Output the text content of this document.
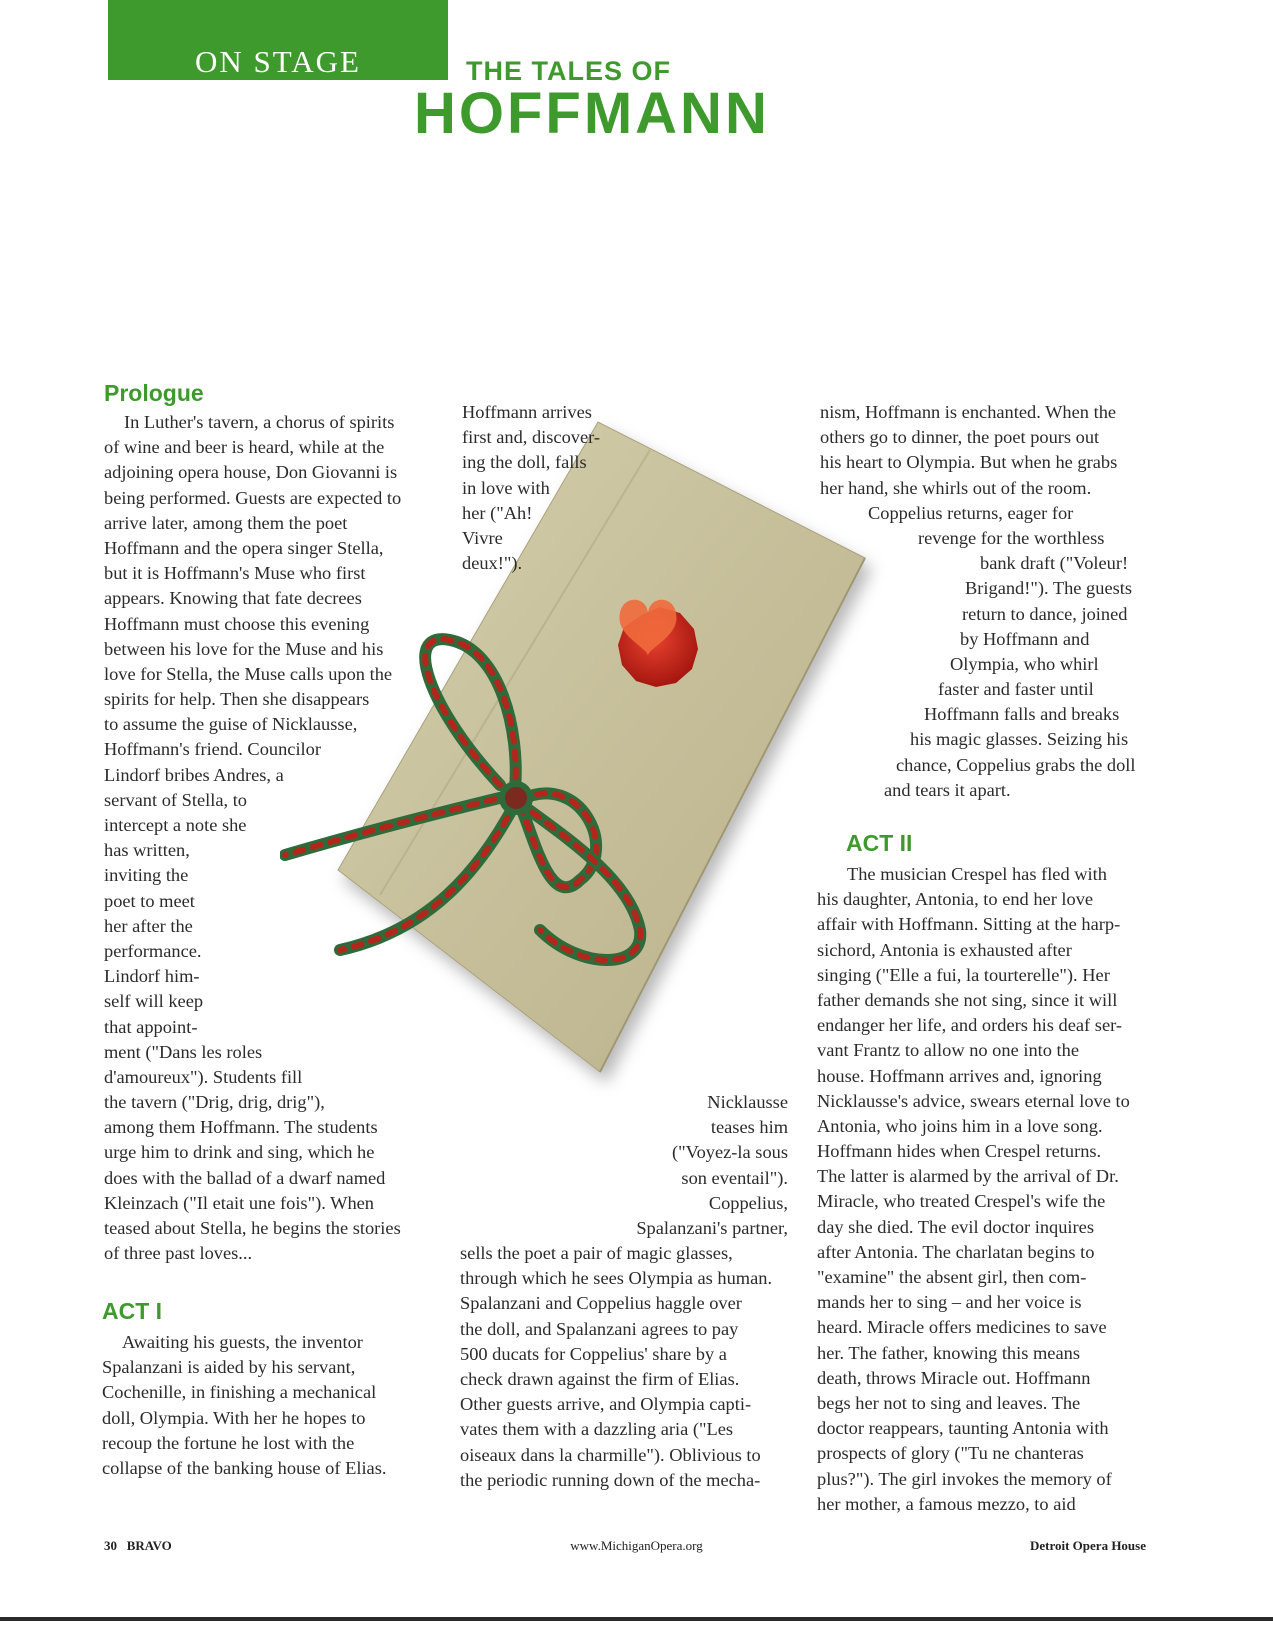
ON STAGE	THE TALES OF
HOFFMANN
Prologue
In Luther's tavern, a chorus of spirits
of wine and beer is heard, while at the
adjoining opera house, Don Giovanni is
being performed. Guests are expected to
arrive later, among them the poet
Hoffmann and the opera singer Stella,
but it is Hoffmann's Muse who first
appears. Knowing that fate decrees
Hoffmann must choose this evening
between his love for the Muse and his
love for Stella, the Muse calls upon the
spirits for help. Then she disappears
to assume the guise of Nicklausse,
Hoffmann's friend. Councilor
Lindorf bribes Andres, a
servant of Stella, to
intercept a note she
has written,
inviting the
poet to meet
her after the
performance.
Lindorf him-
self will keep
that appoint-
ment ("Dans les roles
d'amoureux"). Students fill
the tavern ("Drig, drig, drig"),
among them Hoffmann. The students
urge him to drink and sing, which he
does with the ballad of a dwarf named
Kleinzach ("Il etait une fois"). When
teased about Stella, he begins the stories
of three past loves...
ACT I
Awaiting his guests, the inventor
Spalanzani is aided by his servant,
Cochenille, in finishing a mechanical
doll, Olympia. With her he hopes to
recoup the fortune he lost with the
collapse of the banking house of Elias.
Hoffmann arrives
first and, discover-
ing the doll, falls
in love with
her ("Ah!
Vivre
deux!").
Nicklausse
teases him
("Voyez-la sous
son eventail").
Coppelius,
Spalanzani's partner,
sells the poet a pair of magic glasses,
through which he sees Olympia as human.
Spalanzani and Coppelius haggle over
the doll, and Spalanzani agrees to pay
500 ducats for Coppelius' share by a
check drawn against the firm of Elias.
Other guests arrive, and Olympia capti-
vates them with a dazzling aria ("Les
oiseaux dans la charmille"). Oblivious to
the periodic running down of the mecha-
nism, Hoffmann is enchanted. When the
others go to dinner, the poet pours out
his heart to Olympia. But when he grabs
her hand, she whirls out of the room.
Coppelius returns, eager for
revenge for the worthless
bank draft ("Voleur!
Brigand!"). The guests
return to dance, joined
by Hoffmann and
Olympia, who whirl
faster and faster until
Hoffmann falls and breaks
his magic glasses. Seizing his
chance, Coppelius grabs the doll
and tears it apart.
ACT II
The musician Crespel has fled with
his daughter, Antonia, to end her love
affair with Hoffmann. Sitting at the harp-
sichord, Antonia is exhausted after
singing ("Elle a fui, la tourterelle"). Her
father demands she not sing, since it will
endanger her life, and orders his deaf ser-
vant Frantz to allow no one into the
house. Hoffmann arrives and, ignoring
Nicklausse's advice, swears eternal love to
Antonia, who joins him in a love song.
Hoffmann hides when Crespel returns.
The latter is alarmed by the arrival of Dr.
Miracle, who treated Crespel's wife the
day she died. The evil doctor inquires
after Antonia. The charlatan begins to
"examine" the absent girl, then com-
mands her to sing – and her voice is
heard. Miracle offers medicines to save
her. The father, knowing this means
death, throws Miracle out. Hoffmann
begs her not to sing and leaves. The
doctor reappears, taunting Antonia with
prospects of glory ("Tu ne chanteras
plus?"). The girl invokes the memory of
her mother, a famous mezzo, to aid
30 BRAVO	www.MichiganOpera.org	Detroit Opera House
